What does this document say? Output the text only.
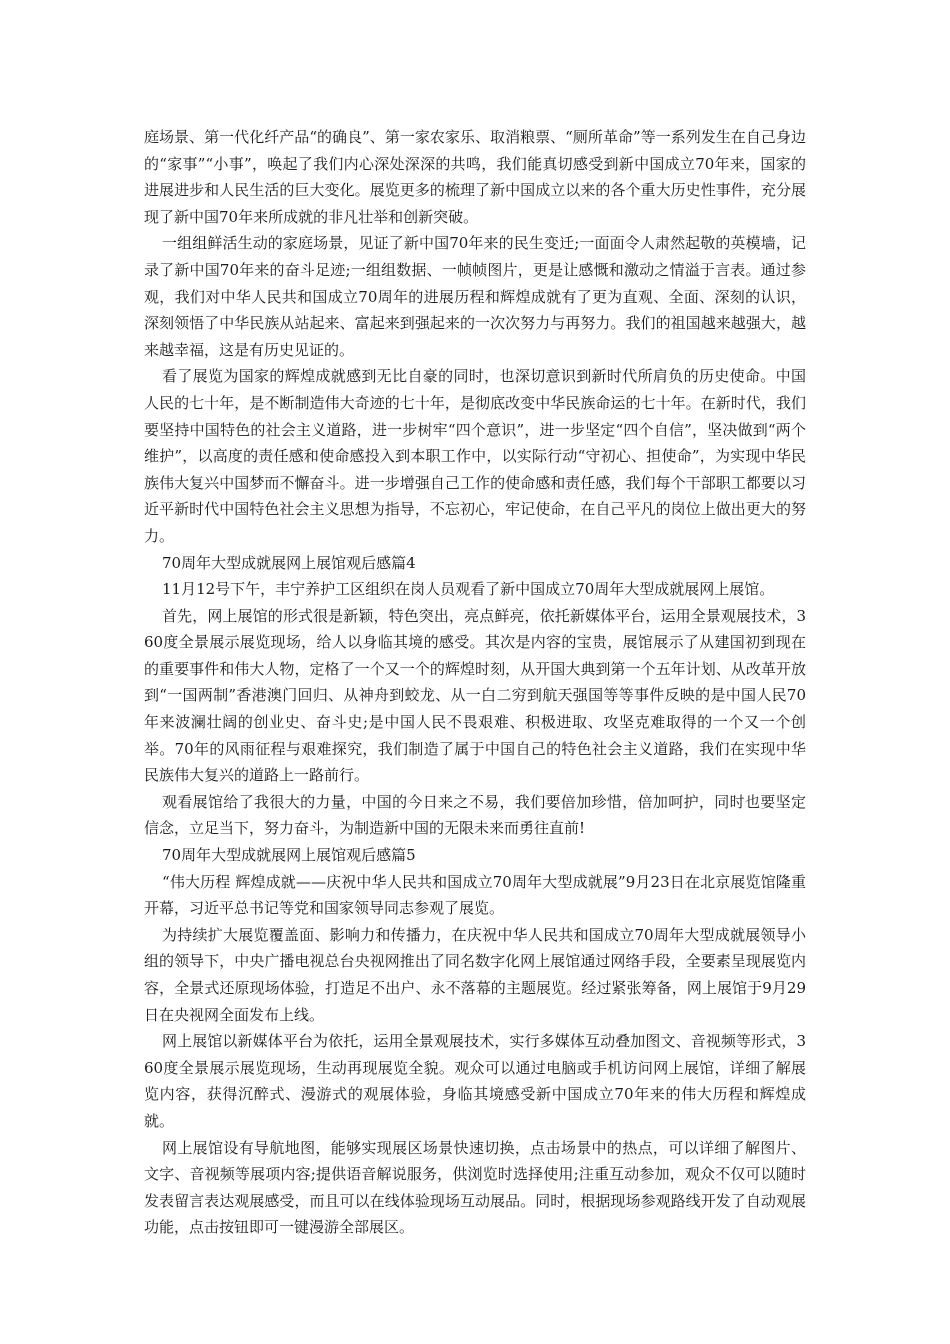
庭场景、第一代化纤产品“的确良”、第一家农家乐、取消粮票、“厕所革命”等一系列发生在自己身边的“家事”“小事”，唤起了我们内心深处深深的共鸣，我们能真切感受到新中国成立70年来，国家的进展进步和人民生活的巨大变化。展览更多的梳理了新中国成立以来的各个重大历史性事件，充分展现了新中国70年来所成就的非凡壮举和创新突破。

一组组鲜活生动的家庭场景，见证了新中国70年来的民生变迁;一面面令人肃然起敬的英模墙，记录了新中国70年来的奋斗足迹;一组组数据、一帧帧图片，更是让感慨和激动之情溢于言表。通过参观，我们对中华人民共和国成立70周年的进展历程和辉煌成就有了更为直观、全面、深刻的认识，深刻领悟了中华民族从站起来、富起来到强起来的一次次努力与再努力。我们的祖国越来越强大，越来越幸福，这是有历史见证的。

看了展览为国家的辉煌成就感到无比自豪的同时，也深切意识到新时代所肩负的历史使命。中国人民的七十年，是不断制造伟大奇迹的七十年，是彻底改变中华民族命运的七十年。在新时代，我们要坚持中国特色的社会主义道路，进一步树牢“四个意识”，进一步坚定“四个自信”，坚决做到“两个维护”，以高度的责任感和使命感投入到本职工作中，以实际行动“守初心、担使命”，为实现中华民族伟大复兴中国梦而不懈奋斗。进一步增强自己工作的使命感和责任感，我们每个干部职工都要以习近平新时代中国特色社会主义思想为指导，不忘初心，牢记使命，在自己平凡的岗位上做出更大的努力。

70周年大型成就展网上展馆观后感篇4

11月12号下午，丰宁养护工区组织在岗人员观看了新中国成立70周年大型成就展网上展馆。

首先，网上展馆的形式很是新颖，特色突出，亮点鲜亮，依托新媒体平台，运用全景观展技术，360度全景展示展览现场，给人以身临其境的感受。其次是内容的宝贵，展馆展示了从建国初到现在的重要事件和伟大人物，定格了一个又一个的辉煌时刻，从开国大典到第一个五年计划、从改革开放到“一国两制”香港澳门回归、从神舟到蛟龙、从一白二穷到航天强国等等事件反映的是中国人民70年来波澜壮阔的创业史、奋斗史;是中国人民不畏艰难、积极进取、攻坚克难取得的一个又一个创举。70年的风雨征程与艰难探究，我们制造了属于中国自己的特色社会主义道路，我们在实现中华民族伟大复兴的道路上一路前行。

观看展馆给了我很大的力量，中国的今日来之不易，我们要倍加珍惜，倍加呵护，同时也要坚定信念，立足当下，努力奋斗，为制造新中国的无限未来而勇往直前!

70周年大型成就展网上展馆观后感篇5

“伟大历程 辉煌成就——庆祝中华人民共和国成立70周年大型成就展”9月23日在北京展览馆隆重开幕，习近平总书记等党和国家领导同志参观了展览。

为持续扩大展览覆盖面、影响力和传播力，在庆祝中华人民共和国成立70周年大型成就展领导小组的领导下，中央广播电视总台央视网推出了同名数字化网上展馆通过网络手段，全要素呈现展览内容，全景式还原现场体验，打造足不出户、永不落幕的主题展览。经过紧张筹备，网上展馆于9月29日在央视网全面发布上线。

网上展馆以新媒体平台为依托，运用全景观展技术，实行多媒体互动叠加图文、音视频等形式，360度全景展示展览现场，生动再现展览全貌。观众可以通过电脑或手机访问网上展馆，详细了解展览内容，获得沉醉式、漫游式的观展体验，身临其境感受新中国成立70年来的伟大历程和辉煌成就。

网上展馆设有导航地图，能够实现展区场景快速切换，点击场景中的热点，可以详细了解图片、文字、音视频等展项内容;提供语音解说服务，供浏览时选择使用;注重互动参加，观众不仅可以随时发表留言表达观展感受，而且可以在线体验现场互动展品。同时，根据现场参观路线开发了自动观展功能，点击按钮即可一键漫游全部展区。
